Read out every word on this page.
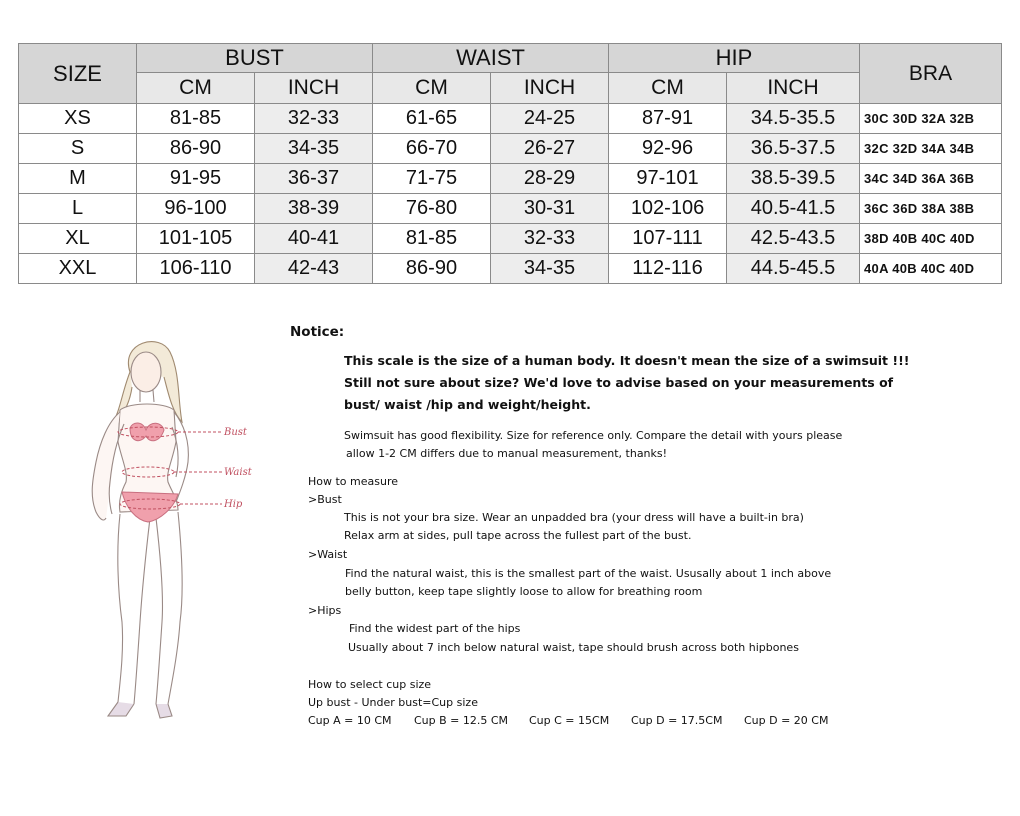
SIZE	BUST		WAIST		HIP		BRA
	CM	INCH	CM	INCH	CM	INCH	
XS	81-85	32-33	61-65	24-25	87-91	34.5-35.5	30C 30D 32A 32B
S	86-90	34-35	66-70	26-27	92-96	36.5-37.5	32C 32D 34A 34B
M	91-95	36-37	71-75	28-29	97-101	38.5-39.5	34C 34D 36A 36B
L	96-100	38-39	76-80	30-31	102-106	40.5-41.5	36C 36D 38A 38B
XL	101-105	40-41	81-85	32-33	107-111	42.5-43.5	38D 40B 40C 40D
XXL	106-110	42-43	86-90	34-35	112-116	44.5-45.5	40A 40B 40C 40D
Bust
Waist
Hip
Notice:
This scale is the size of a human body. It doesn't mean the size of a swimsuit !!!
Still not sure about size? We'd love to advise based on your measurements of
bust/ waist /hip and weight/height.
Swimsuit has good flexibility. Size for reference only. Compare the detail with yours please
allow 1-2 CM differs due to manual measurement, thanks!
How to measure
>Bust
This is not your bra size. Wear an unpadded bra (your dress will have a built-in bra)
Relax arm at sides, pull tape across the fullest part of the bust.
>Waist
Find the natural waist, this is the smallest part of the waist. Ususally about 1 inch above
belly button, keep tape slightly loose to allow for breathing room
>Hips
Find the widest part of the hips
Usually about 7 inch below natural waist, tape should brush across both hipbones
How to select cup size
Up bust - Under bust=Cup size
Cup A = 10 CM Cup B = 12.5 CM Cup C = 15CM Cup D = 17.5CM Cup D = 20 CM
